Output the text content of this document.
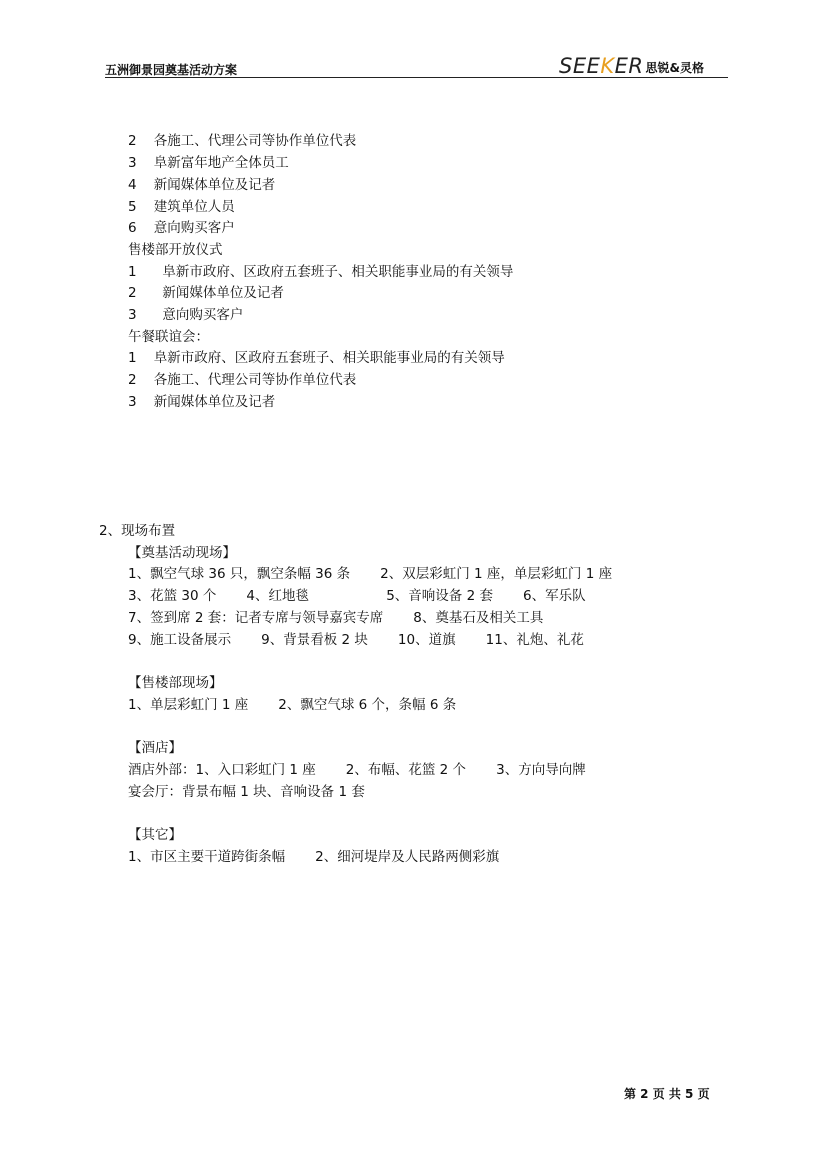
五洲御景园奠基活动方案	SEEKER 思锐&灵格
2    各施工、代理公司等协作单位代表
3    阜新富年地产全体员工
4    新闻媒体单位及记者
5    建筑单位人员
6    意向购买客户
售楼部开放仪式
1      阜新市政府、区政府五套班子、相关职能事业局的有关领导
2      新闻媒体单位及记者
3      意向购买客户
午餐联谊会：
1    阜新市政府、区政府五套班子、相关职能事业局的有关领导
2    各施工、代理公司等协作单位代表
3    新闻媒体单位及记者
2、现场布置
【奠基活动现场】
1、飘空气球 36 只，飘空条幅 36 条       2、双层彩虹门 1 座，单层彩虹门 1 座
3、花篮 30 个       4、红地毯                  5、音响设备 2 套       6、军乐队
7、签到席 2 套：记者专席与领导嘉宾专席       8、奠基石及相关工具
9、施工设备展示       9、背景看板 2 块       10、道旗       11、礼炮、礼花
【售楼部现场】
1、单层彩虹门 1 座       2、飘空气球 6 个，条幅 6 条
【酒店】
酒店外部：1、入口彩虹门 1 座       2、布幅、花篮 2 个       3、方向导向牌
宴会厅：背景布幅 1 块、音响设备 1 套
【其它】
1、市区主要干道跨街条幅       2、细河堤岸及人民路两侧彩旗
第 2 页 共 5 页
